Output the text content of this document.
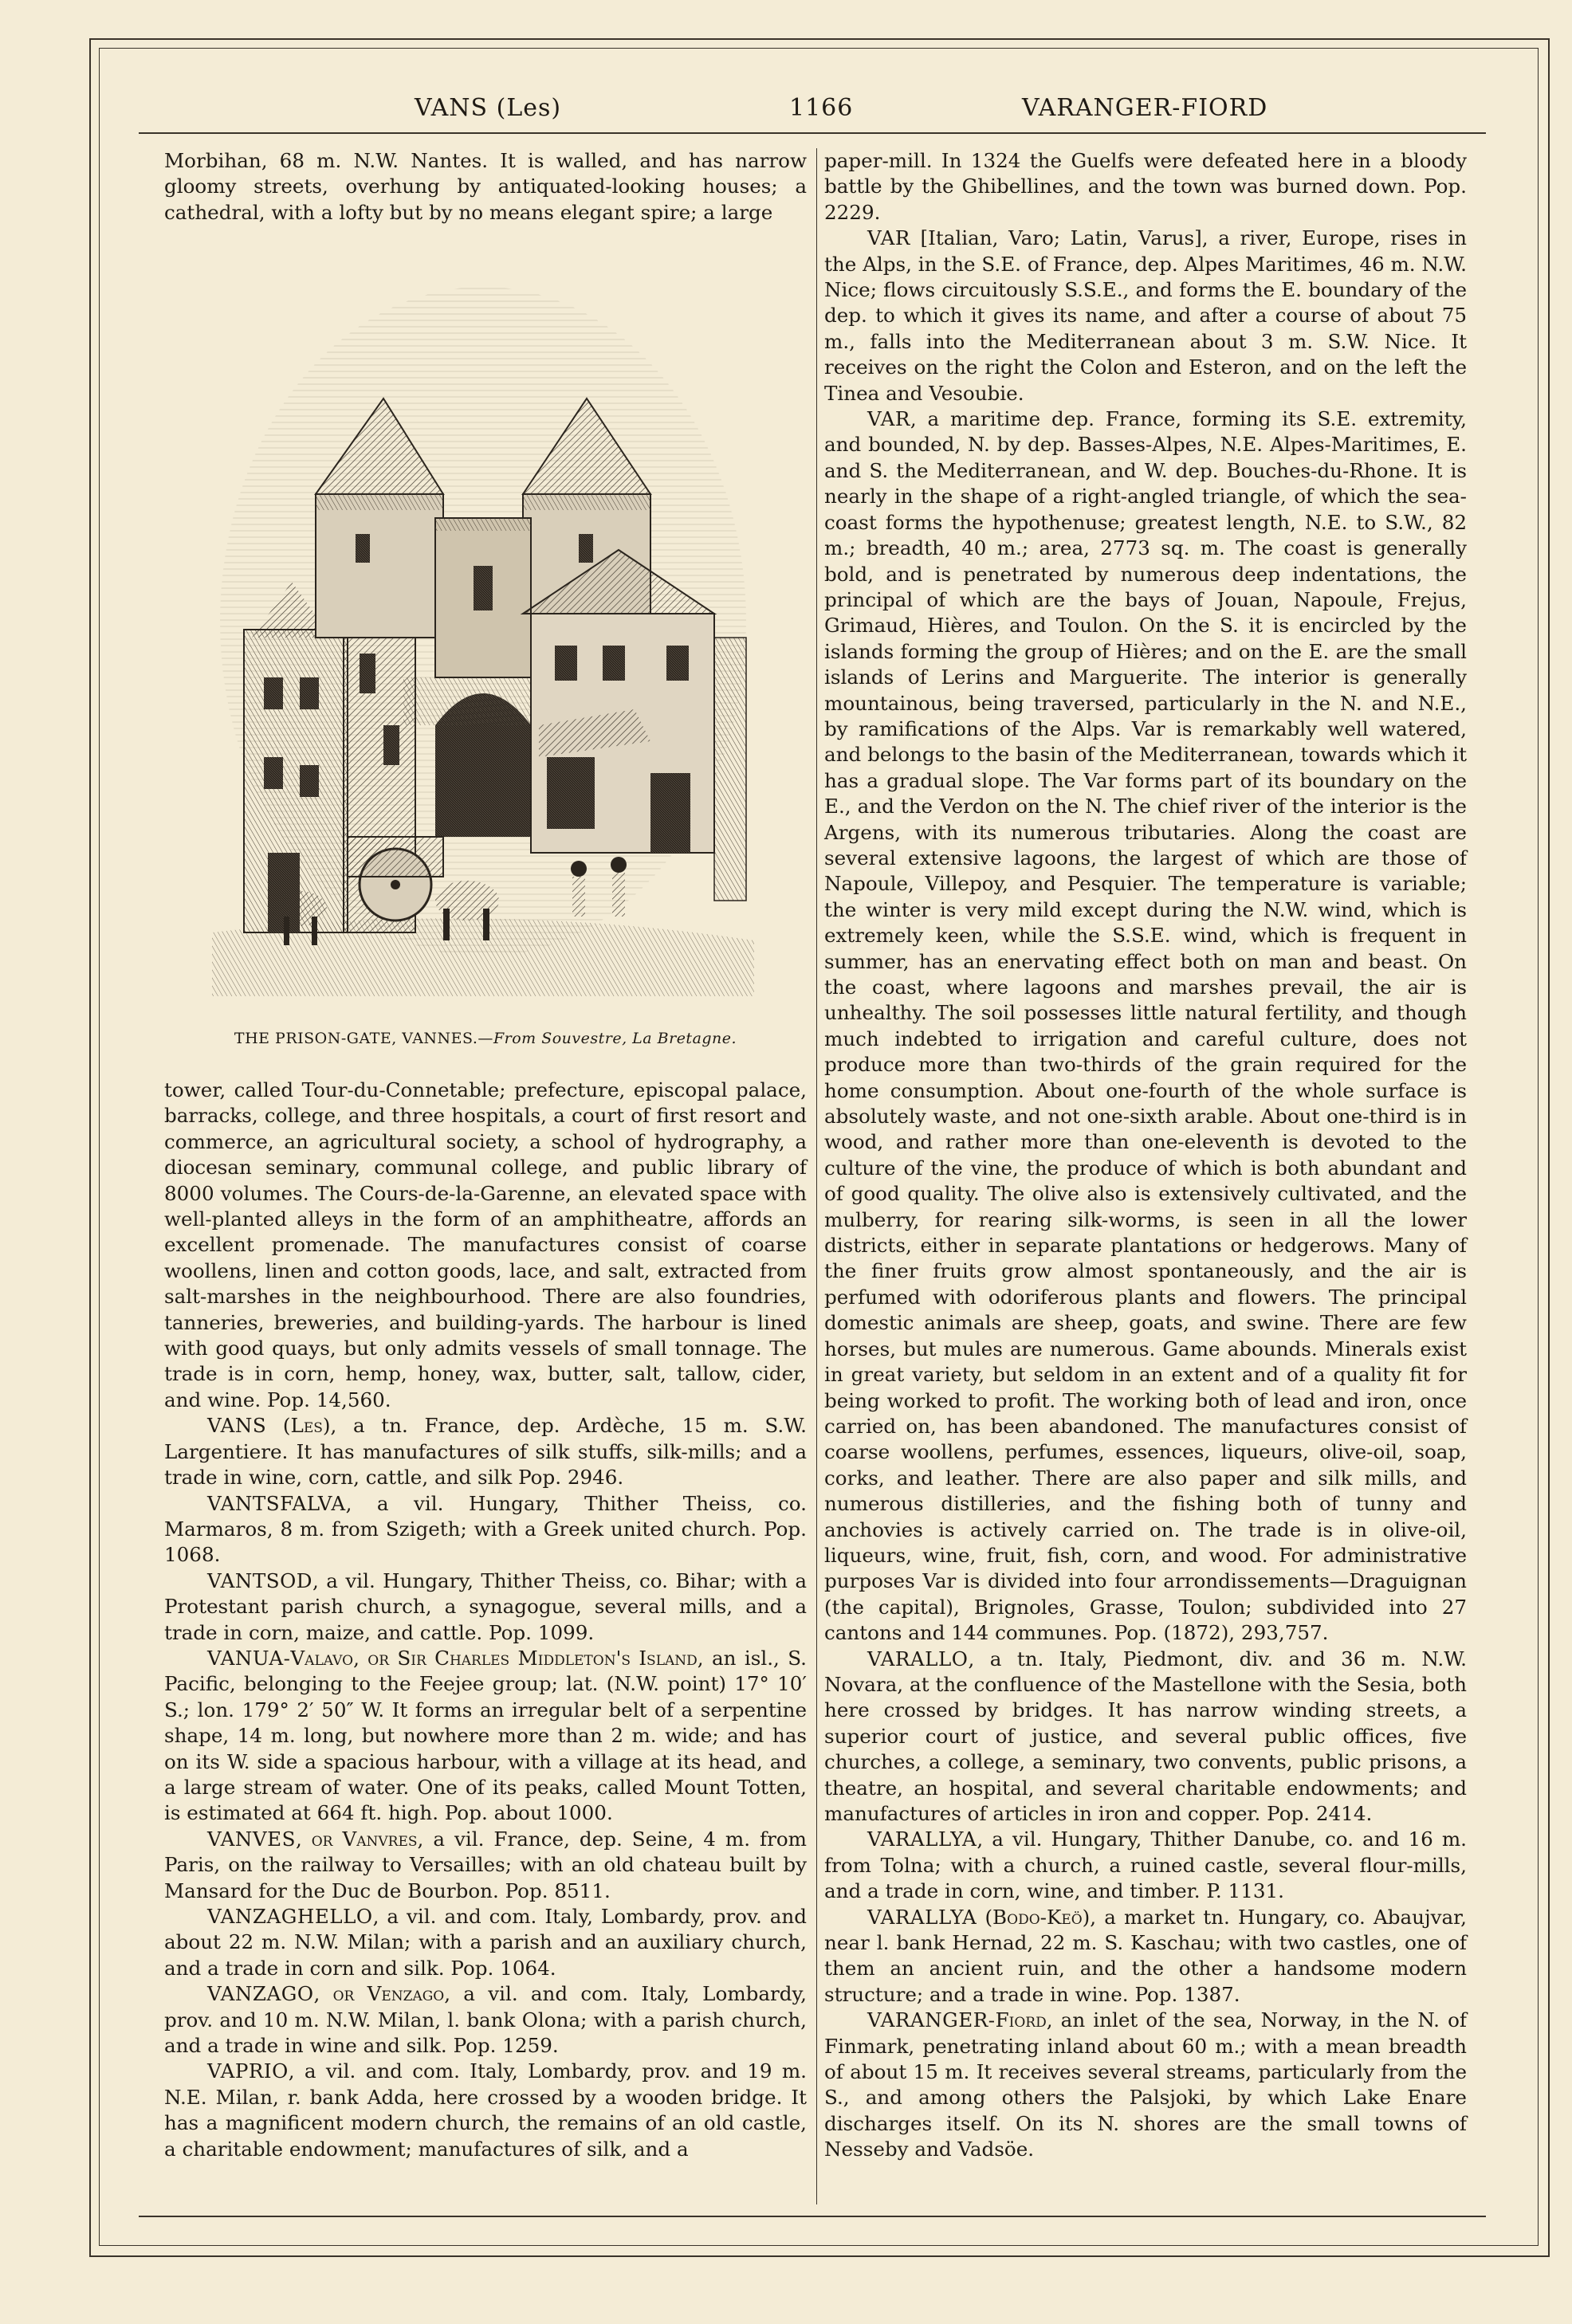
VANS (Les)	1166	VARANGER-FIORD

Morbihan, 68 m. N.W. Nantes. It is walled, and has narrow gloomy streets, overhung by antiquated-looking houses; a cathedral, with a lofty but by no means elegant spire; a large

THE PRISON-GATE, VANNES.—From Souvestre, La Bretagne.

tower, called Tour-du-Connetable; prefecture, episcopal palace, barracks, college, and three hospitals, a court of first resort and commerce, an agricultural society, a school of hydrography, a diocesan seminary, communal college, and public library of 8000 volumes. The Cours-de-la-Garenne, an elevated space with well-planted alleys in the form of an amphitheatre, affords an excellent promenade. The manufactures consist of coarse woollens, linen and cotton goods, lace, and salt, extracted from salt-marshes in the neighbourhood. There are also foundries, tanneries, breweries, and building-yards. The harbour is lined with good quays, but only admits vessels of small tonnage. The trade is in corn, hemp, honey, wax, butter, salt, tallow, cider, and wine. Pop. 14,560.

VANS (Les), a tn. France, dep. Ardèche, 15 m. S.W. Largentiere. It has manufactures of silk stuffs, silk-mills; and a trade in wine, corn, cattle, and silk Pop. 2946.

VANTSFALVA, a vil. Hungary, Thither Theiss, co. Marmaros, 8 m. from Szigeth; with a Greek united church. Pop. 1068.

VANTSOD, a vil. Hungary, Thither Theiss, co. Bihar; with a Protestant parish church, a synagogue, several mills, and a trade in corn, maize, and cattle. Pop. 1099.

VANUA-Valavo, or Sir Charles Middleton's Island, an isl., S. Pacific, belonging to the Feejee group; lat. (N.W. point) 17° 10′ S.; lon. 179° 2′ 50″ W. It forms an irregular belt of a serpentine shape, 14 m. long, but nowhere more than 2 m. wide; and has on its W. side a spacious harbour, with a village at its head, and a large stream of water. One of its peaks, called Mount Totten, is estimated at 664 ft. high. Pop. about 1000.

VANVES, or Vanvres, a vil. France, dep. Seine, 4 m. from Paris, on the railway to Versailles; with an old chateau built by Mansard for the Duc de Bourbon. Pop. 8511.

VANZAGHELLO, a vil. and com. Italy, Lombardy, prov. and about 22 m. N.W. Milan; with a parish and an auxiliary church, and a trade in corn and silk. Pop. 1064.

VANZAGO, or Venzago, a vil. and com. Italy, Lombardy, prov. and 10 m. N.W. Milan, l. bank Olona; with a parish church, and a trade in wine and silk. Pop. 1259.

VAPRIO, a vil. and com. Italy, Lombardy, prov. and 19 m. N.E. Milan, r. bank Adda, here crossed by a wooden bridge. It has a magnificent modern church, the remains of an old castle, a charitable endowment; manufactures of silk, and a

paper-mill. In 1324 the Guelfs were defeated here in a bloody battle by the Ghibellines, and the town was burned down. Pop. 2229.

VAR [Italian, Varo; Latin, Varus], a river, Europe, rises in the Alps, in the S.E. of France, dep. Alpes Maritimes, 46 m. N.W. Nice; flows circuitously S.S.E., and forms the E. boundary of the dep. to which it gives its name, and after a course of about 75 m., falls into the Mediterranean about 3 m. S.W. Nice. It receives on the right the Colon and Esteron, and on the left the Tinea and Vesoubie.

VAR, a maritime dep. France, forming its S.E. extremity, and bounded, N. by dep. Basses-Alpes, N.E. Alpes-Maritimes, E. and S. the Mediterranean, and W. dep. Bouches-du-Rhone. It is nearly in the shape of a right-angled triangle, of which the sea-coast forms the hypothenuse; greatest length, N.E. to S.W., 82 m.; breadth, 40 m.; area, 2773 sq. m. The coast is generally bold, and is penetrated by numerous deep indentations, the principal of which are the bays of Jouan, Napoule, Frejus, Grimaud, Hières, and Toulon. On the S. it is encircled by the islands forming the group of Hières; and on the E. are the small islands of Lerins and Marguerite. The interior is generally mountainous, being traversed, particularly in the N. and N.E., by ramifications of the Alps. Var is remarkably well watered, and belongs to the basin of the Mediterranean, towards which it has a gradual slope. The Var forms part of its boundary on the E., and the Verdon on the N. The chief river of the interior is the Argens, with its numerous tributaries. Along the coast are several extensive lagoons, the largest of which are those of Napoule, Villepoy, and Pesquier. The temperature is variable; the winter is very mild except during the N.W. wind, which is extremely keen, while the S.S.E. wind, which is frequent in summer, has an enervating effect both on man and beast. On the coast, where lagoons and marshes prevail, the air is unhealthy. The soil possesses little natural fertility, and though much indebted to irrigation and careful culture, does not produce more than two-thirds of the grain required for the home consumption. About one-fourth of the whole surface is absolutely waste, and not one-sixth arable. About one-third is in wood, and rather more than one-eleventh is devoted to the culture of the vine, the produce of which is both abundant and of good quality. The olive also is extensively cultivated, and the mulberry, for rearing silk-worms, is seen in all the lower districts, either in separate plantations or hedgerows. Many of the finer fruits grow almost spontaneously, and the air is perfumed with odoriferous plants and flowers. The principal domestic animals are sheep, goats, and swine. There are few horses, but mules are numerous. Game abounds. Minerals exist in great variety, but seldom in an extent and of a quality fit for being worked to profit. The working both of lead and iron, once carried on, has been abandoned. The manufactures consist of coarse woollens, perfumes, essences, liqueurs, olive-oil, soap, corks, and leather. There are also paper and silk mills, and numerous distilleries, and the fishing both of tunny and anchovies is actively carried on. The trade is in olive-oil, liqueurs, wine, fruit, fish, corn, and wood. For administrative purposes Var is divided into four arrondissements—Draguignan (the capital), Brignoles, Grasse, Toulon; subdivided into 27 cantons and 144 communes. Pop. (1872), 293,757.

VARALLO, a tn. Italy, Piedmont, div. and 36 m. N.W. Novara, at the confluence of the Mastellone with the Sesia, both here crossed by bridges. It has narrow winding streets, a superior court of justice, and several public offices, five churches, a college, a seminary, two convents, public prisons, a theatre, an hospital, and several charitable endowments; and manufactures of articles in iron and copper. Pop. 2414.

VARALLYA, a vil. Hungary, Thither Danube, co. and 16 m. from Tolna; with a church, a ruined castle, several flour-mills, and a trade in corn, wine, and timber. P. 1131.

VARALLYA (Bodo-Keö), a market tn. Hungary, co. Abaujvar, near l. bank Hernad, 22 m. S. Kaschau; with two castles, one of them an ancient ruin, and the other a handsome modern structure; and a trade in wine. Pop. 1387.

VARANGER-Fiord, an inlet of the sea, Norway, in the N. of Finmark, penetrating inland about 60 m.; with a mean breadth of about 15 m. It receives several streams, particularly from the S., and among others the Palsjoki, by which Lake Enare discharges itself. On its N. shores are the small towns of Nesseby and Vadsöe.
